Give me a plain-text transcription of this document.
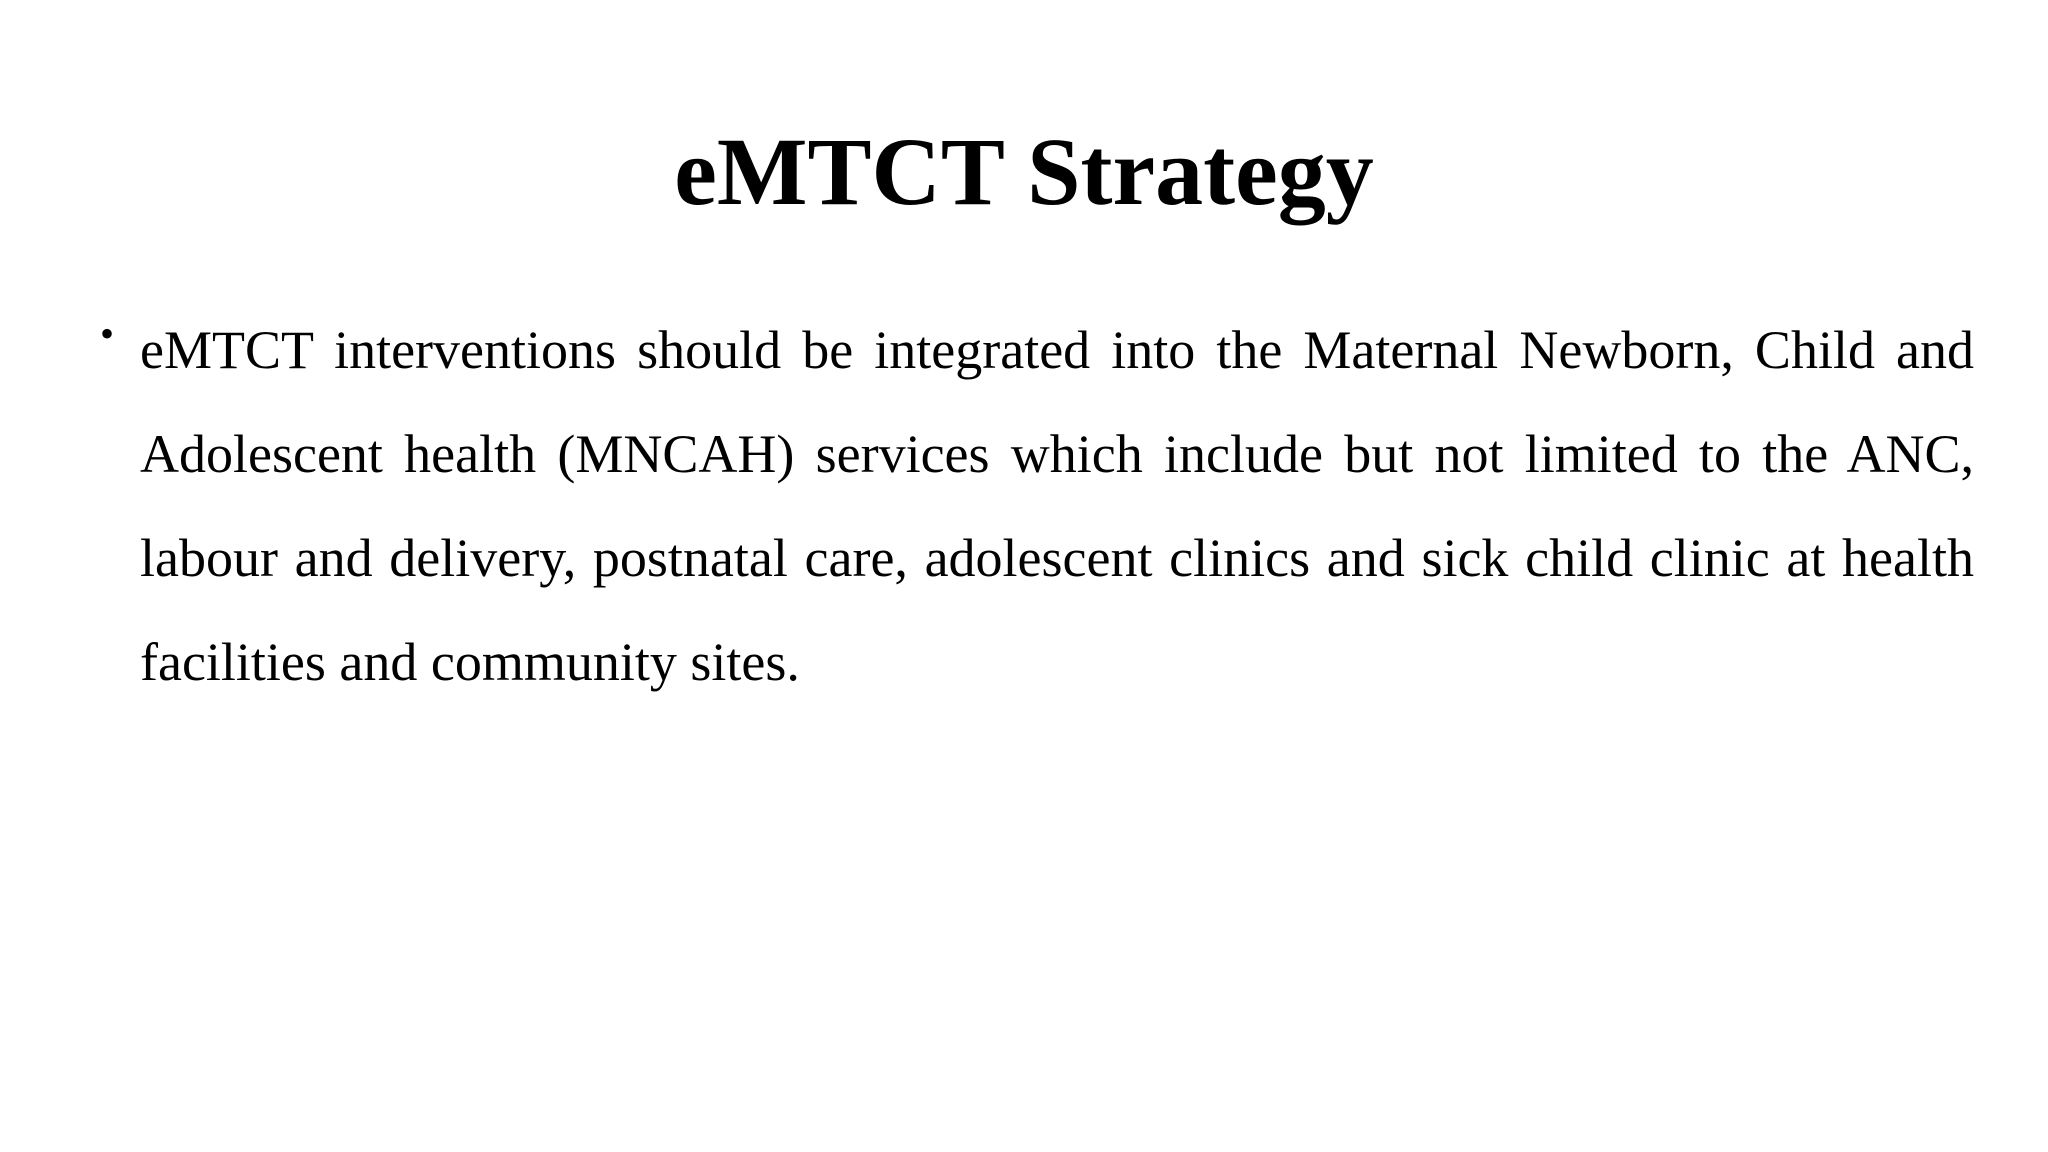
eMTCT Strategy
• eMTCT interventions should be integrated into the Maternal Newborn, Child and Adolescent health (MNCAH) services which include but not limited to the ANC, labour and delivery, postnatal care, adolescent clinics and sick child clinic at health facilities and community sites.
